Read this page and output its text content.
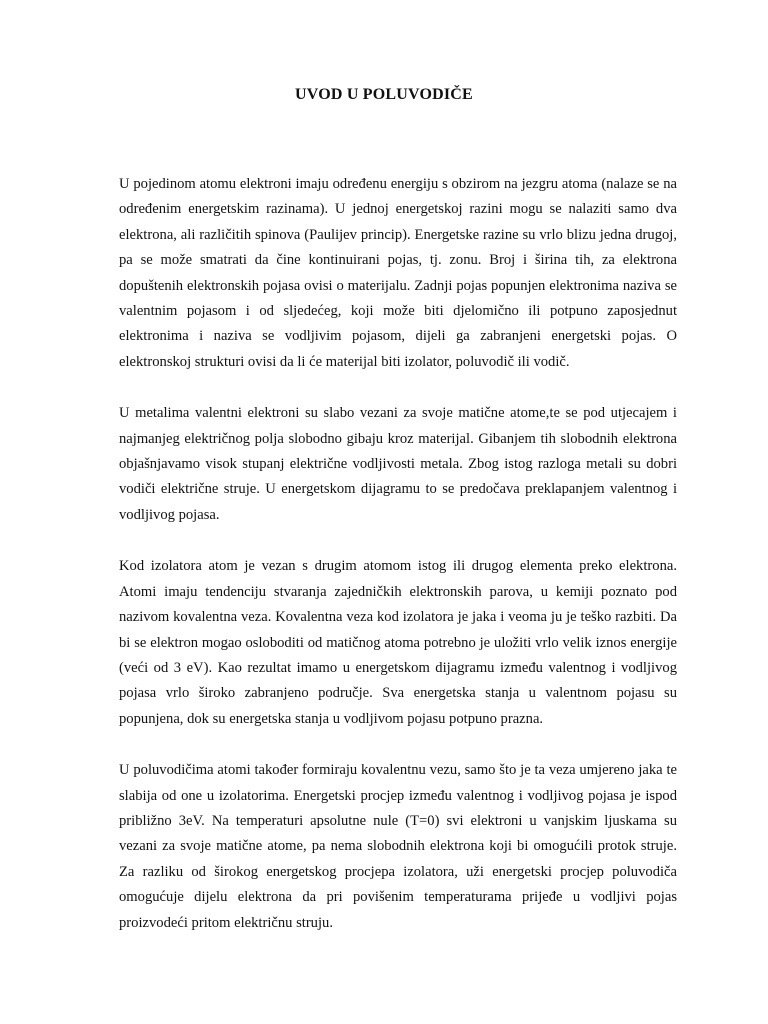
UVOD U POLUVODIČE

U pojedinom atomu elektroni imaju određenu energiju s obzirom na jezgru atoma (nalaze se na određenim energetskim razinama). U jednoj energetskoj razini mogu se nalaziti samo dva elektrona, ali različitih spinova (Paulijev princip). Energetske razine su vrlo blizu jedna drugoj, pa se može smatrati da čine kontinuirani pojas, tj. zonu. Broj i širina tih, za elektrona dopuštenih elektronskih pojasa ovisi o materijalu. Zadnji pojas popunjen elektronima naziva se valentnim pojasom i od sljedećeg, koji može biti djelomično ili potpuno zaposjednut elektronima i naziva se vodljivim pojasom, dijeli ga zabranjeni energetski pojas. O elektronskoj strukturi ovisi da li će materijal biti izolator, poluvodič ili vodič.

U metalima valentni elektroni su slabo vezani za svoje matične atome,te se pod utjecajem i najmanjeg električnog polja slobodno gibaju kroz materijal. Gibanjem tih slobodnih elektrona objašnjavamo visok stupanj električne vodljivosti metala. Zbog istog razloga metali su dobri vodiči električne struje. U energetskom dijagramu to se predočava preklapanjem valentnog i vodljivog pojasa.

Kod izolatora atom je vezan s drugim atomom istog ili drugog elementa preko elektrona. Atomi imaju tendenciju stvaranja zajedničkih elektronskih parova, u kemiji poznato pod nazivom kovalentna veza. Kovalentna veza kod izolatora je jaka i veoma ju je teško razbiti. Da bi se elektron mogao osloboditi od matičnog atoma potrebno je uložiti vrlo velik iznos energije (veći od 3 eV). Kao rezultat imamo u energetskom dijagramu između valentnog i vodljivog pojasa vrlo široko zabranjeno područje. Sva energetska stanja u valentnom pojasu su popunjena, dok su energetska stanja u vodljivom pojasu potpuno prazna.

U poluvodičima atomi također formiraju kovalentnu vezu, samo što je ta veza umjereno jaka te slabija od one u izolatorima. Energetski procjep između valentnog i vodljivog pojasa je ispod približno 3eV. Na temperaturi apsolutne nule (T=0) svi elektroni u vanjskim ljuskama su vezani za svoje matične atome, pa nema slobodnih elektrona koji bi omogućili protok struje. Za razliku od širokog energetskog procjepa izolatora, uži energetski procjep poluvodiča omogućuje dijelu elektrona da pri povišenim temperaturama prijeđe u vodljivi pojas proizvodeći pritom električnu struju.
